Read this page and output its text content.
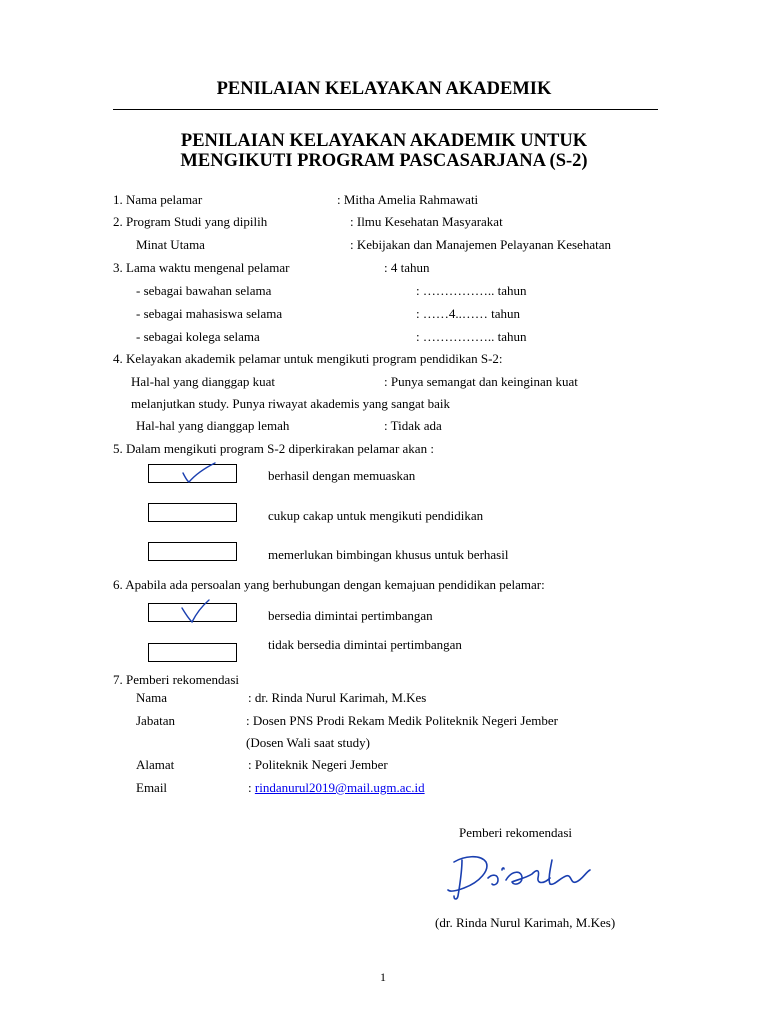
PENILAIAN KELAYAKAN AKADEMIK
PENILAIAN KELAYAKAN AKADEMIK UNTUK
MENGIKUTI PROGRAM PASCASARJANA (S-2)
1. Nama pelamar	: Mitha Amelia Rahmawati
2. Program Studi yang dipilih	: Ilmu Kesehatan Masyarakat
Minat Utama	: Kebijakan dan Manajemen Pelayanan Kesehatan
3. Lama waktu mengenal pelamar	: 4 tahun
- sebagai bawahan selama	: …………….. tahun
- sebagai mahasiswa selama	: ……4..…… tahun
- sebagai kolega selama	: …………….. tahun
4. Kelayakan akademik pelamar untuk mengikuti program pendidikan S-2:
Hal-hal yang dianggap kuat	: Punya semangat dan keinginan kuat
melanjutkan study. Punya riwayat akademis yang sangat baik
Hal-hal yang dianggap lemah	: Tidak ada
5. Dalam mengikuti program S-2 diperkirakan pelamar akan :
berhasil dengan memuaskan
cukup cakap untuk mengikuti pendidikan
memerlukan bimbingan khusus untuk berhasil
6. Apabila ada persoalan yang berhubungan dengan kemajuan pendidikan pelamar:
bersedia dimintai pertimbangan
tidak bersedia dimintai pertimbangan
7. Pemberi rekomendasi
Nama	: dr. Rinda Nurul Karimah, M.Kes
Jabatan	: Dosen PNS Prodi Rekam Medik Politeknik Negeri Jember
(Dosen Wali saat study)
Alamat	: Politeknik Negeri Jember
Email	: rindanurul2019@mail.ugm.ac.id
Pemberi rekomendasi
(dr. Rinda Nurul Karimah, M.Kes)
1
